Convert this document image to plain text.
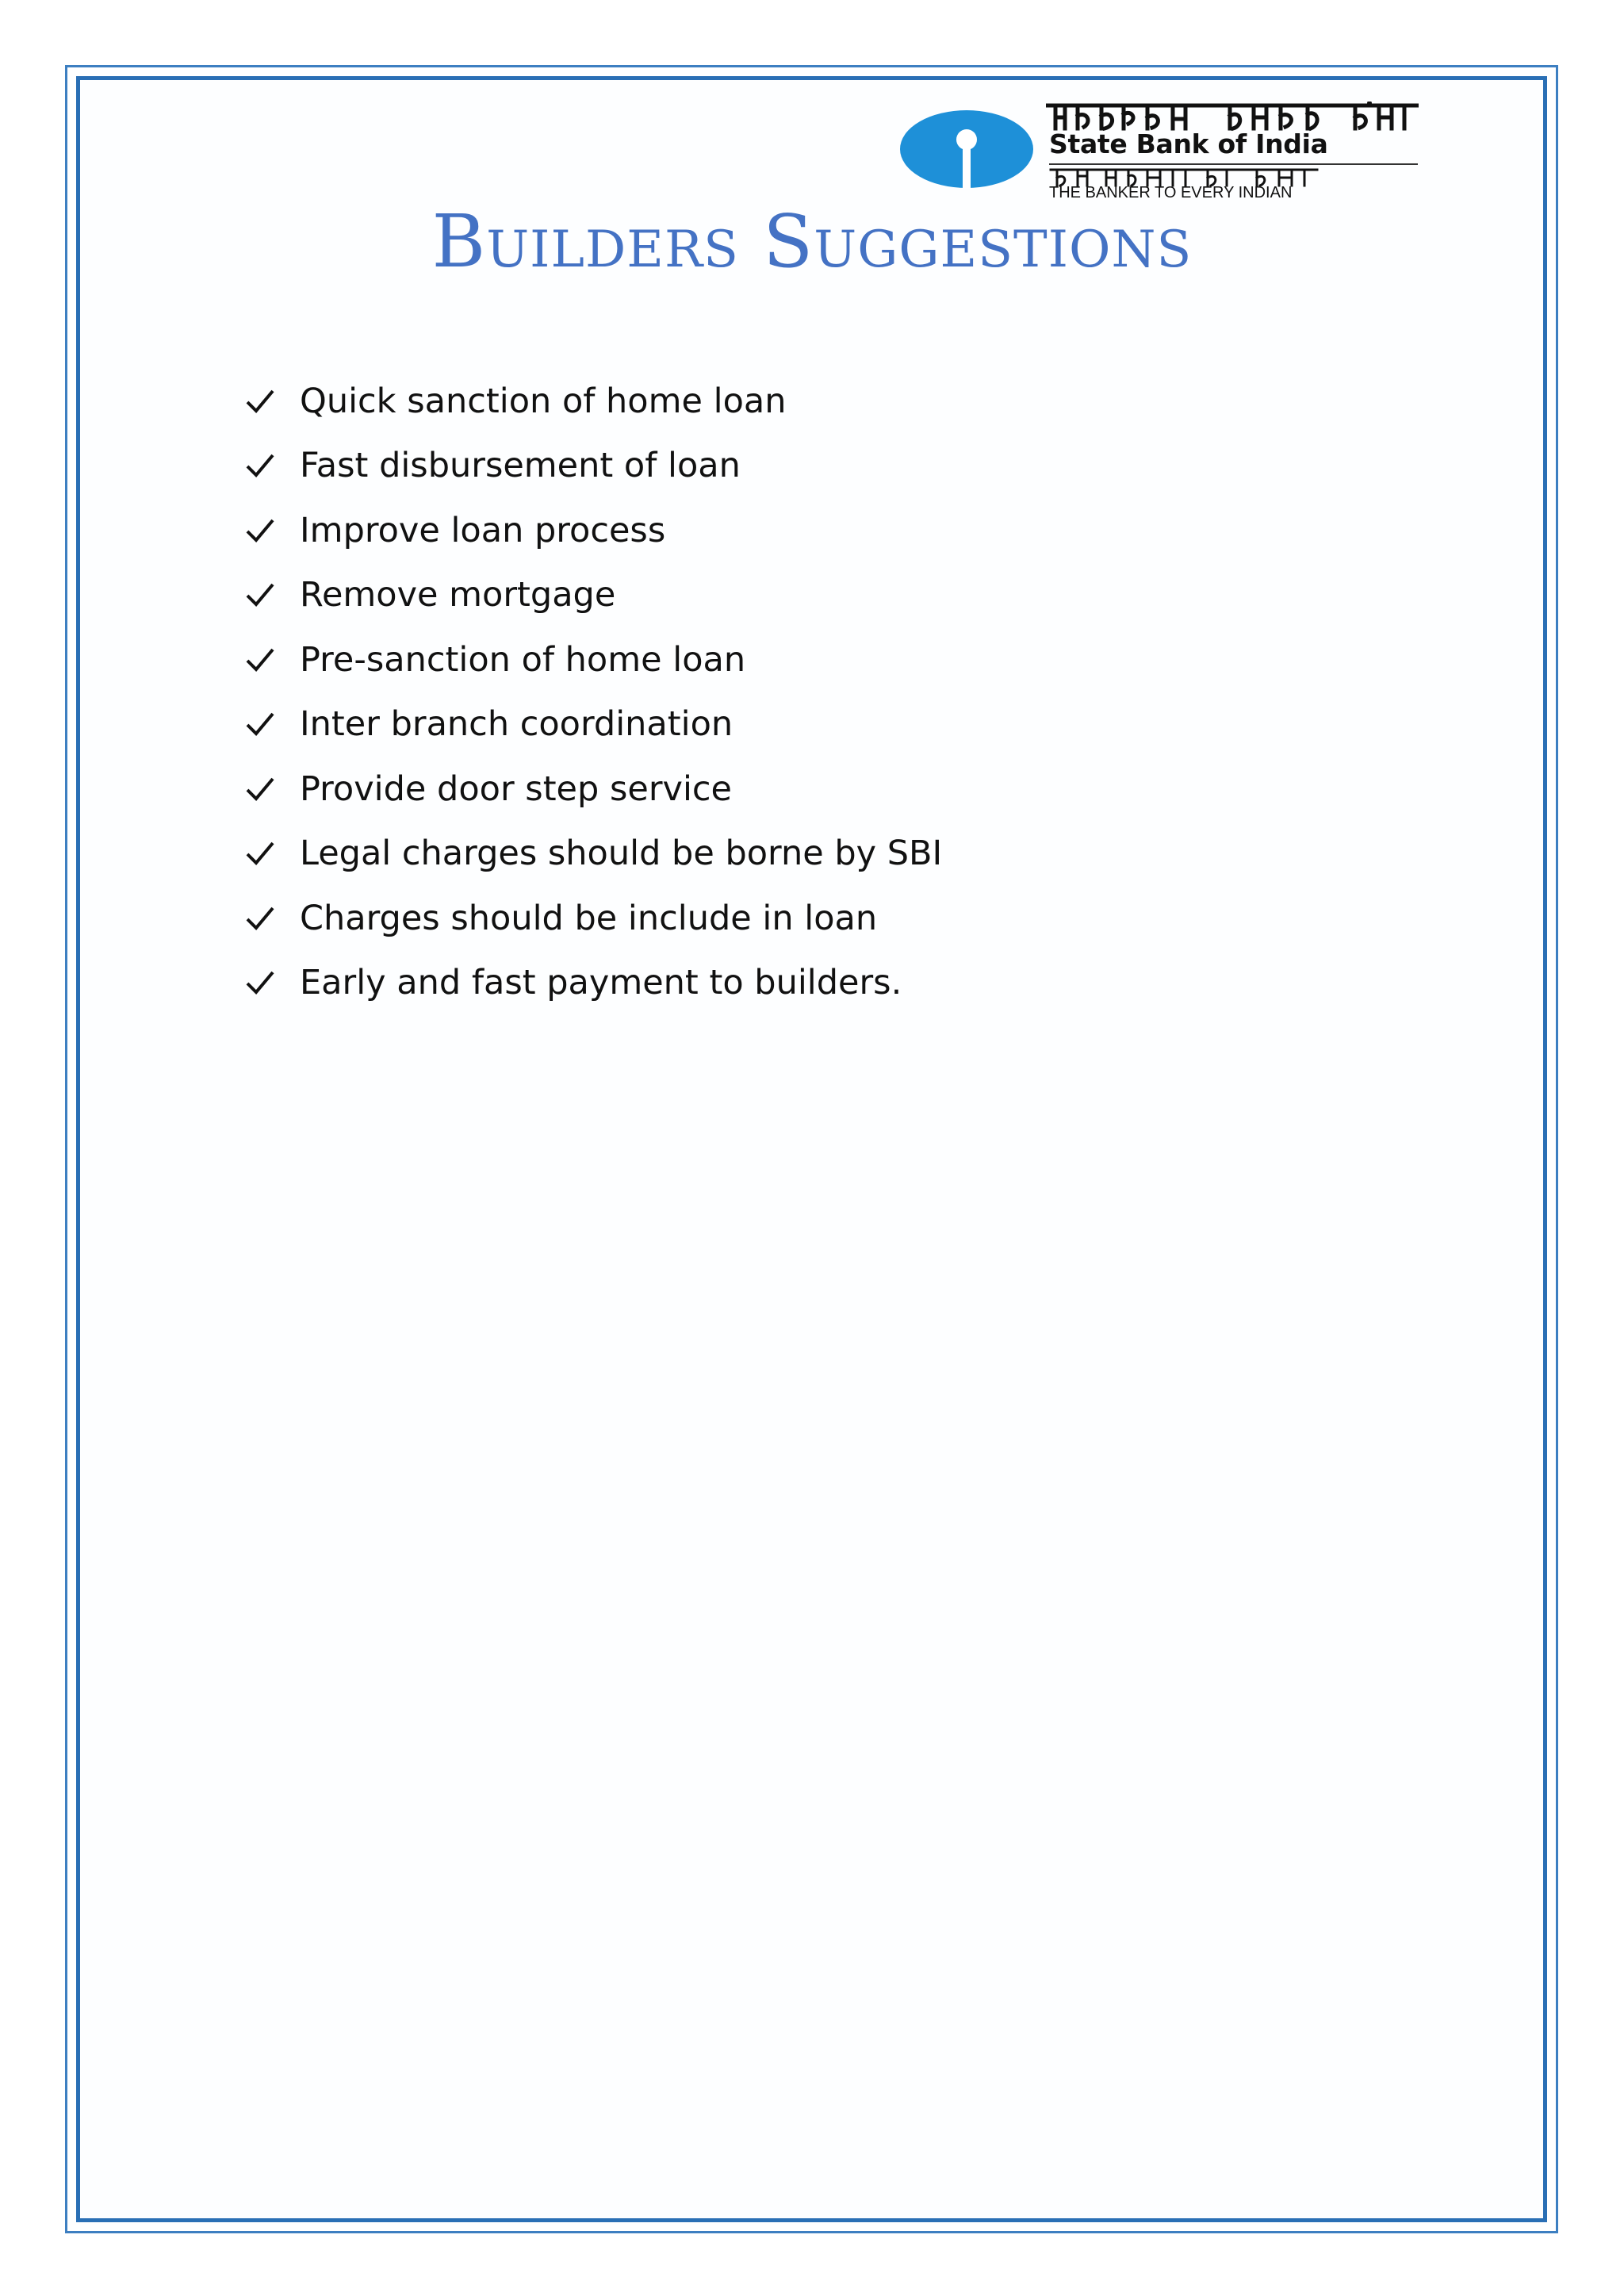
State Bank of India
THE BANKER TO EVERY INDIAN
Builders Suggestions
Quick sanction of home loan
Fast disbursement of loan
Improve loan process
Remove mortgage
Pre-sanction of home loan
Inter branch coordination
Provide door step service
Legal charges should be borne by SBI
Charges should be include in loan
Early and fast payment to builders.
